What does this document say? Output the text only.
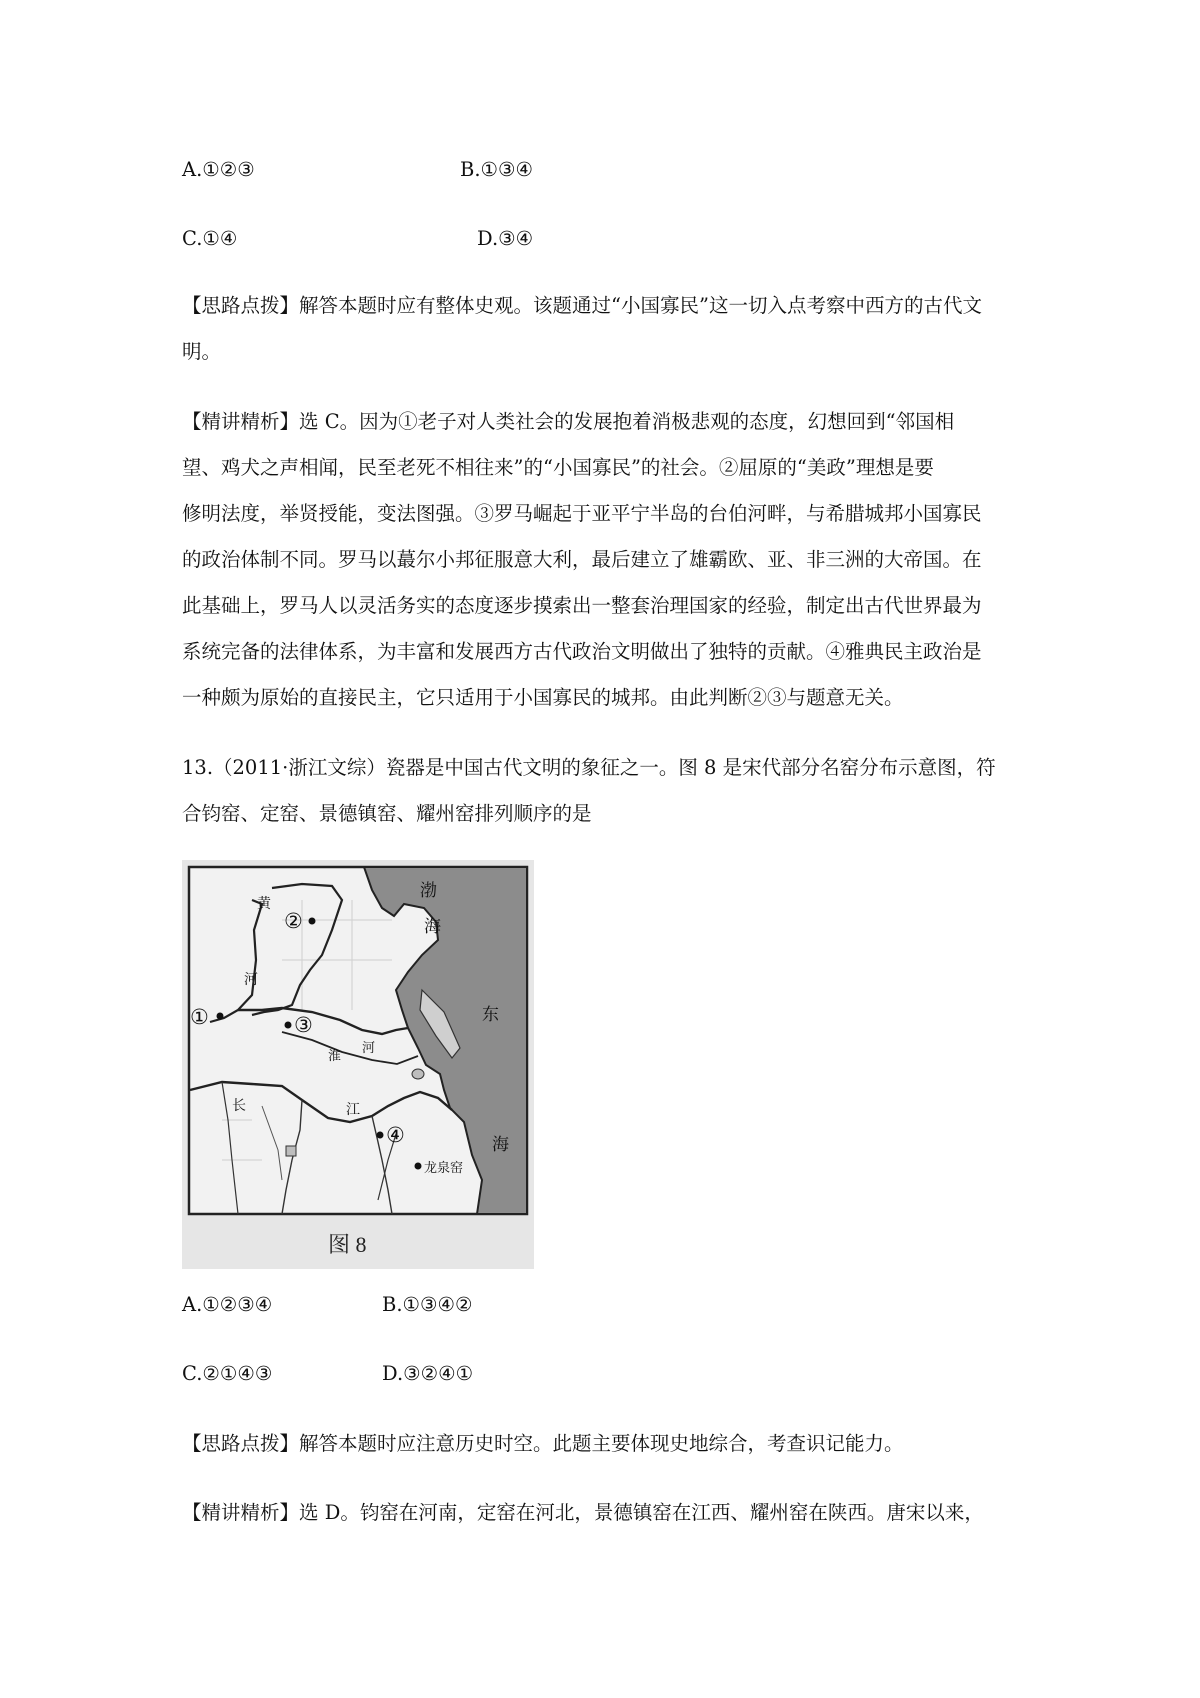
A.①②③	B.①③④
C.①④	D.③④
【思路点拨】解答本题时应有整体史观。该题通过“小国寡民”这一切入点考察中西方的古代文
明。
【精讲精析】选 C。因为①老子对人类社会的发展抱着消极悲观的态度，幻想回到“邻国相
望、鸡犬之声相闻，民至老死不相往来”的“小国寡民”的社会。②屈原的“美政”理想是要
修明法度，举贤授能，变法图强。③罗马崛起于亚平宁半岛的台伯河畔，与希腊城邦小国寡民
的政治体制不同。罗马以蕞尔小邦征服意大利，最后建立了雄霸欧、亚、非三洲的大帝国。在
此基础上，罗马人以灵活务实的态度逐步摸索出一整套治理国家的经验，制定出古代世界最为
系统完备的法律体系，为丰富和发展西方古代政治文明做出了独特的贡献。④雅典民主政治是
一种颇为原始的直接民主，它只适用于小国寡民的城邦。由此判断②③与题意无关。
13.（2011·浙江文综）瓷器是中国古代文明的象征之一。图 8 是宋代部分名窑分布示意图，符
合钧窑、定窑、景德镇窑、耀州窑排列顺序的是
渤
海
东
海
黄
河
淮
河
长	江
①
②
③
④
龙泉窑
图 8
A.①②③④	B.①③④②
C.②①④③	D.③②④①
【思路点拨】解答本题时应注意历史时空。此题主要体现史地综合，考查识记能力。
【精讲精析】选 D。钧窑在河南，定窑在河北，景德镇窑在江西、耀州窑在陕西。唐宋以来，
